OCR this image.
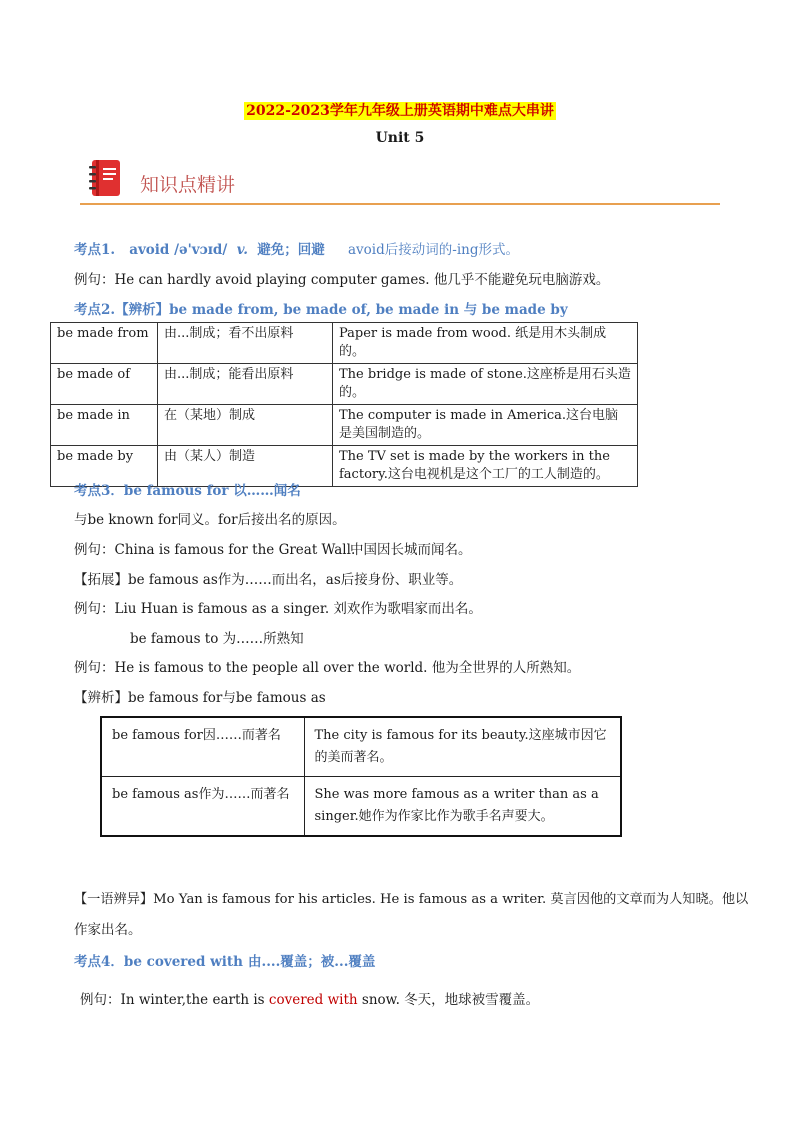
2022-2023学年九年级上册英语期中难点大串讲
Unit 5
知识点精讲
考点1. avoid /ə'vɔɪd/ v. 避免；回避 avoid后接动词的-ing形式。
例句：He can hardly avoid playing computer games. 他几乎不能避免玩电脑游戏。
考点2.【辨析】be made from, be made of, be made in 与 be made by
be made from	由...制成；看不出原料	Paper is made from wood. 纸是用木头制成的。
be made of	由...制成；能看出原料	The bridge is made of stone.这座桥是用石头造的。
be made in	在（某地）制成	The computer is made in America.这台电脑是美国制造的。
be made by	由（某人）制造	The TV set is made by the workers in the factory.这台电视机是这个工厂的工人制造的。
考点3．be famous for 以……闻名
与be known for同义。for后接出名的原因。
例句：China is famous for the Great Wall.
中国因长城而闻名。
【拓展】be famous as作为……而出名，as后接身份、职业等。
例句：Liu Huan is famous as a singer. 刘欢作为歌唱家而出名。
be famous to 为……所熟知
例句：He is famous to the people all over the world. 他为全世界的人所熟知。
【辨析】be famous for与be famous as
be famous for因……而著名	The city is famous for its beauty.这座城市因它的美而著名。
be famous as作为……而著名	She was more famous as a writer than as a singer.她作为作家比作为歌手名声要大。
【一语辨异】Mo Yan is famous for his articles. He is famous as a writer. 莫言因他的文章而为人知晓。他以
作家出名。
考点4．be covered with 由....覆盖；被...覆盖
例句：In winter,the earth is covered with snow. 冬天，地球被雪覆盖。
